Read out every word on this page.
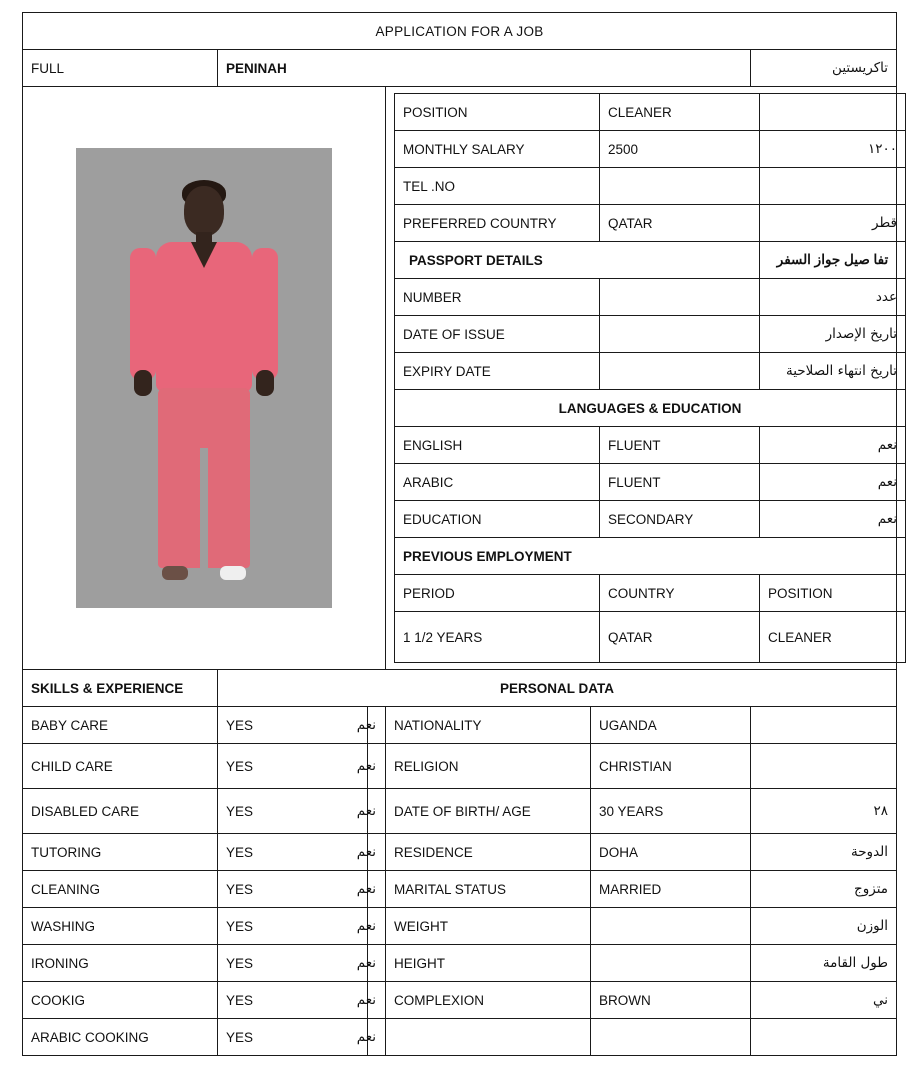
APPLICATION FOR A JOB
FULL	PENINAH	تاكريستين

POSITION	CLEANER	
MONTHLY SALARY	2500	١٢٠٠
TEL .NO		
PREFERRED COUNTRY	QATAR	قطر
PASSPORT DETAILS	تفا صيل جواز السفر
NUMBER		عدد
DATE OF ISSUE		تاريخ الإصدار
EXPIRY DATE		تاريخ انتهاء الصلاحية
LANGUAGES & EDUCATION
ENGLISH	FLUENT	نعم
ARABIC	FLUENT	نعم
EDUCATION	SECONDARY	نعم
PREVIOUS EMPLOYMENT
PERIOD	COUNTRY	POSITION
1 1/2 YEARS	QATAR	CLEANER

SKILLS & EXPERIENCE	PERSONAL DATA
BABY CARE	YES	نعم	NATIONALITY	UGANDA	
CHILD CARE	YES	نعم	RELIGION	CHRISTIAN	
DISABLED CARE	YES	نعم	DATE OF BIRTH/ AGE	30 YEARS	٢٨
TUTORING	YES	نعم	RESIDENCE	DOHA	الدوحة
CLEANING	YES	نعم	MARITAL STATUS	MARRIED	متزوج
WASHING	YES	نعم	WEIGHT		الوزن
IRONING	YES	نعم	HEIGHT		طول القامة
COOKIG	YES	نعم	COMPLEXION	BROWN	ني
ARABIC COOKING	YES	نعم			
